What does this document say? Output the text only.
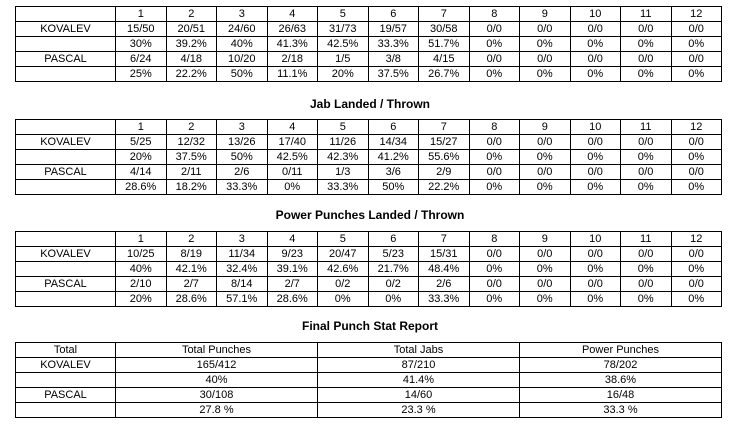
	1	2	3	4	5	6	7	8	9	10	11	12
KOVALEV	15/50	20/51	24/60	26/63	31/73	19/57	30/58	0/0	0/0	0/0	0/0	0/0
	30%	39.2%	40%	41.3%	42.5%	33.3%	51.7%	0%	0%	0%	0%	0%
PASCAL	6/24	4/18	10/20	2/18	1/5	3/8	4/15	0/0	0/0	0/0	0/0	0/0
	25%	22.2%	50%	11.1%	20%	37.5%	26.7%	0%	0%	0%	0%	0%
Jab Landed / Thrown
	1	2	3	4	5	6	7	8	9	10	11	12
KOVALEV	5/25	12/32	13/26	17/40	11/26	14/34	15/27	0/0	0/0	0/0	0/0	0/0
	20%	37.5%	50%	42.5%	42.3%	41.2%	55.6%	0%	0%	0%	0%	0%
PASCAL	4/14	2/11	2/6	0/11	1/3	3/6	2/9	0/0	0/0	0/0	0/0	0/0
	28.6%	18.2%	33.3%	0%	33.3%	50%	22.2%	0%	0%	0%	0%	0%
Power Punches Landed / Thrown
	1	2	3	4	5	6	7	8	9	10	11	12
KOVALEV	10/25	8/19	11/34	9/23	20/47	5/23	15/31	0/0	0/0	0/0	0/0	0/0
	40%	42.1%	32.4%	39.1%	42.6%	21.7%	48.4%	0%	0%	0%	0%	0%
PASCAL	2/10	2/7	8/14	2/7	0/2	0/2	2/6	0/0	0/0	0/0	0/0	0/0
	20%	28.6%	57.1%	28.6%	0%	0%	33.3%	0%	0%	0%	0%	0%
Final Punch Stat Report
Total	Total Punches	Total Jabs	Power Punches
KOVALEV	165/412	87/210	78/202
	40%	41.4%	38.6%
PASCAL	30/108	14/60	16/48
	27.8 %	23.3 %	33.3 %
